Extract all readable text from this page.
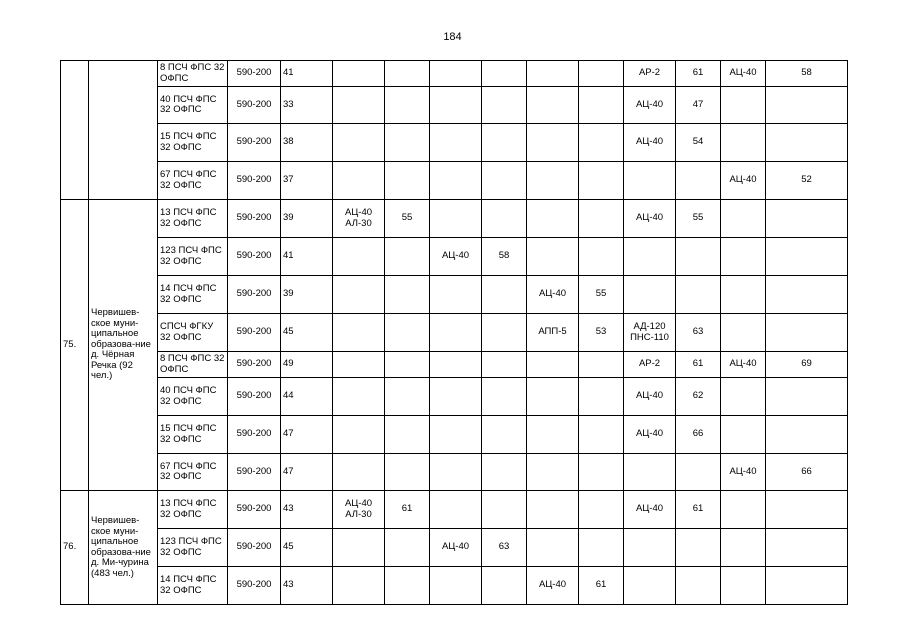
184
		8 ПСЧ ФПС 32 ОФПС	590-200	41							АР-2	61	АЦ-40	58	
		40 ПСЧ ФПС 32 ОФПС	590-200	33							АЦ-40	47			
		15 ПСЧ ФПС 32 ОФПС	590-200	38							АЦ-40	54			
		67 ПСЧ ФПС 32 ОФПС	590-200	37									АЦ-40	52	
75.	Червишев-ское муни-ципальное образова-ние д. Чёрная Речка (92 чел.)	13 ПСЧ ФПС 32 ОФПС	590-200	39	АЦ-40 АЛ-30	55					АЦ-40	55			
		123 ПСЧ ФПС 32 ОФПС	590-200	41			АЦ-40	58							
		14 ПСЧ ФПС 32 ОФПС	590-200	39					АЦ-40	55					
		СПСЧ ФГКУ 32 ОФПС	590-200	45					АПП-5	53	АД-120 ПНС-110	63			
		8 ПСЧ ФПС 32 ОФПС	590-200	49							АР-2	61	АЦ-40	69	
		40 ПСЧ ФПС 32 ОФПС	590-200	44							АЦ-40	62			
		15 ПСЧ ФПС 32 ОФПС	590-200	47							АЦ-40	66			
		67 ПСЧ ФПС 32 ОФПС	590-200	47									АЦ-40	66	
76.	Червишев-ское муни-ципальное образова-ние д. Ми-чурина (483 чел.)	13 ПСЧ ФПС 32 ОФПС	590-200	43	АЦ-40 АЛ-30	61					АЦ-40	61			
		123 ПСЧ ФПС 32 ОФПС	590-200	45			АЦ-40	63							
		14 ПСЧ ФПС 32 ОФПС	590-200	43					АЦ-40	61					
